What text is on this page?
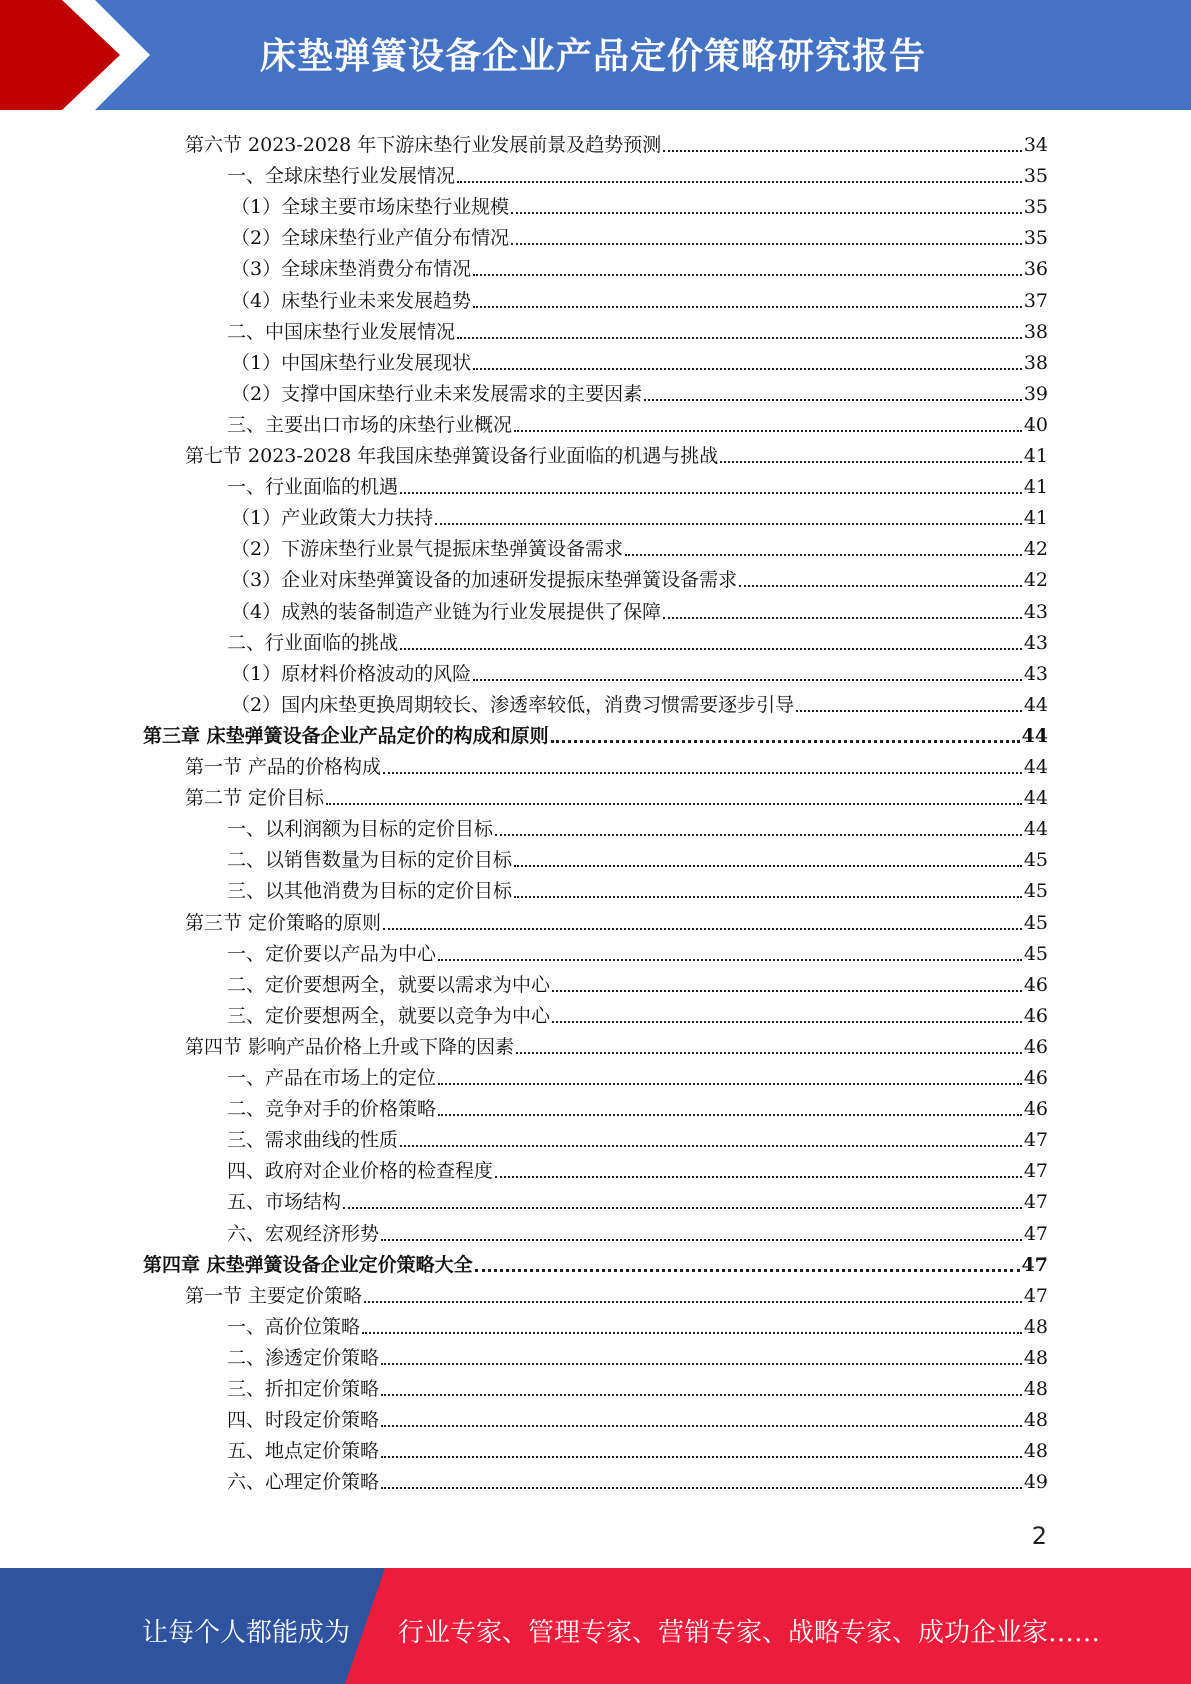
床垫弹簧设备企业产品定价策略研究报告
第六节 2023-2028 年下游床垫行业发展前景及趋势预测	34
一、全球床垫行业发展情况	35
（1）全球主要市场床垫行业规模	35
（2）全球床垫行业产值分布情况	35
（3）全球床垫消费分布情况	36
（4）床垫行业未来发展趋势	37
二、中国床垫行业发展情况	38
（1）中国床垫行业发展现状	38
（2）支撑中国床垫行业未来发展需求的主要因素	39
三、主要出口市场的床垫行业概况	40
第七节 2023-2028 年我国床垫弹簧设备行业面临的机遇与挑战	41
一、行业面临的机遇	41
（1）产业政策大力扶持	41
（2）下游床垫行业景气提振床垫弹簧设备需求	42
（3）企业对床垫弹簧设备的加速研发提振床垫弹簧设备需求	42
（4）成熟的装备制造产业链为行业发展提供了保障	43
二、行业面临的挑战	43
（1）原材料价格波动的风险	43
（2）国内床垫更换周期较长、渗透率较低，消费习惯需要逐步引导	44
第三章 床垫弹簧设备企业产品定价的构成和原则	44
第一节 产品的价格构成	44
第二节 定价目标	44
一、以利润额为目标的定价目标	44
二、以销售数量为目标的定价目标	45
三、以其他消费为目标的定价目标	45
第三节 定价策略的原则	45
一、定价要以产品为中心	45
二、定价要想两全，就要以需求为中心	46
三、定价要想两全，就要以竞争为中心	46
第四节 影响产品价格上升或下降的因素	46
一、产品在市场上的定位	46
二、竞争对手的价格策略	46
三、需求曲线的性质	47
四、政府对企业价格的检查程度	47
五、市场结构	47
六、宏观经济形势	47
第四章 床垫弹簧设备企业定价策略大全	47
第一节 主要定价策略	47
一、高价位策略	48
二、渗透定价策略	48
三、折扣定价策略	48
四、时段定价策略	48
五、地点定价策略	48
六、心理定价策略	49
2
让每个人都能成为 行业专家、管理专家、营销专家、战略专家、成功企业家……
